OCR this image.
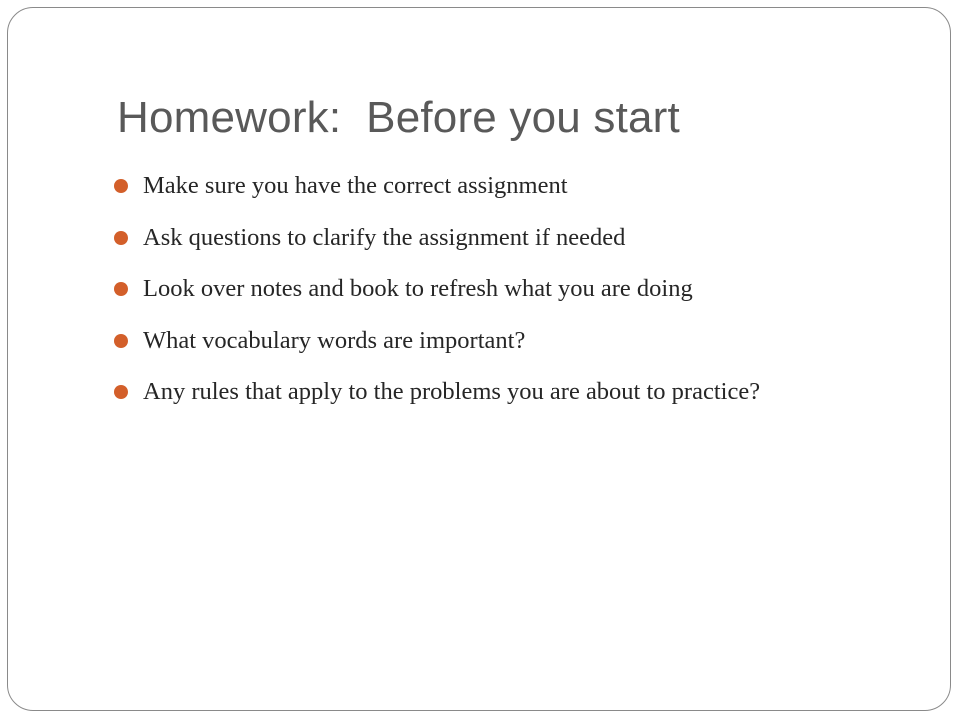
Homework:  Before you start
Make sure you have the correct assignment
Ask questions to clarify the assignment if needed
Look over notes and book to refresh what you are doing
What vocabulary words are important?
Any rules that apply to the problems you are about to practice?
